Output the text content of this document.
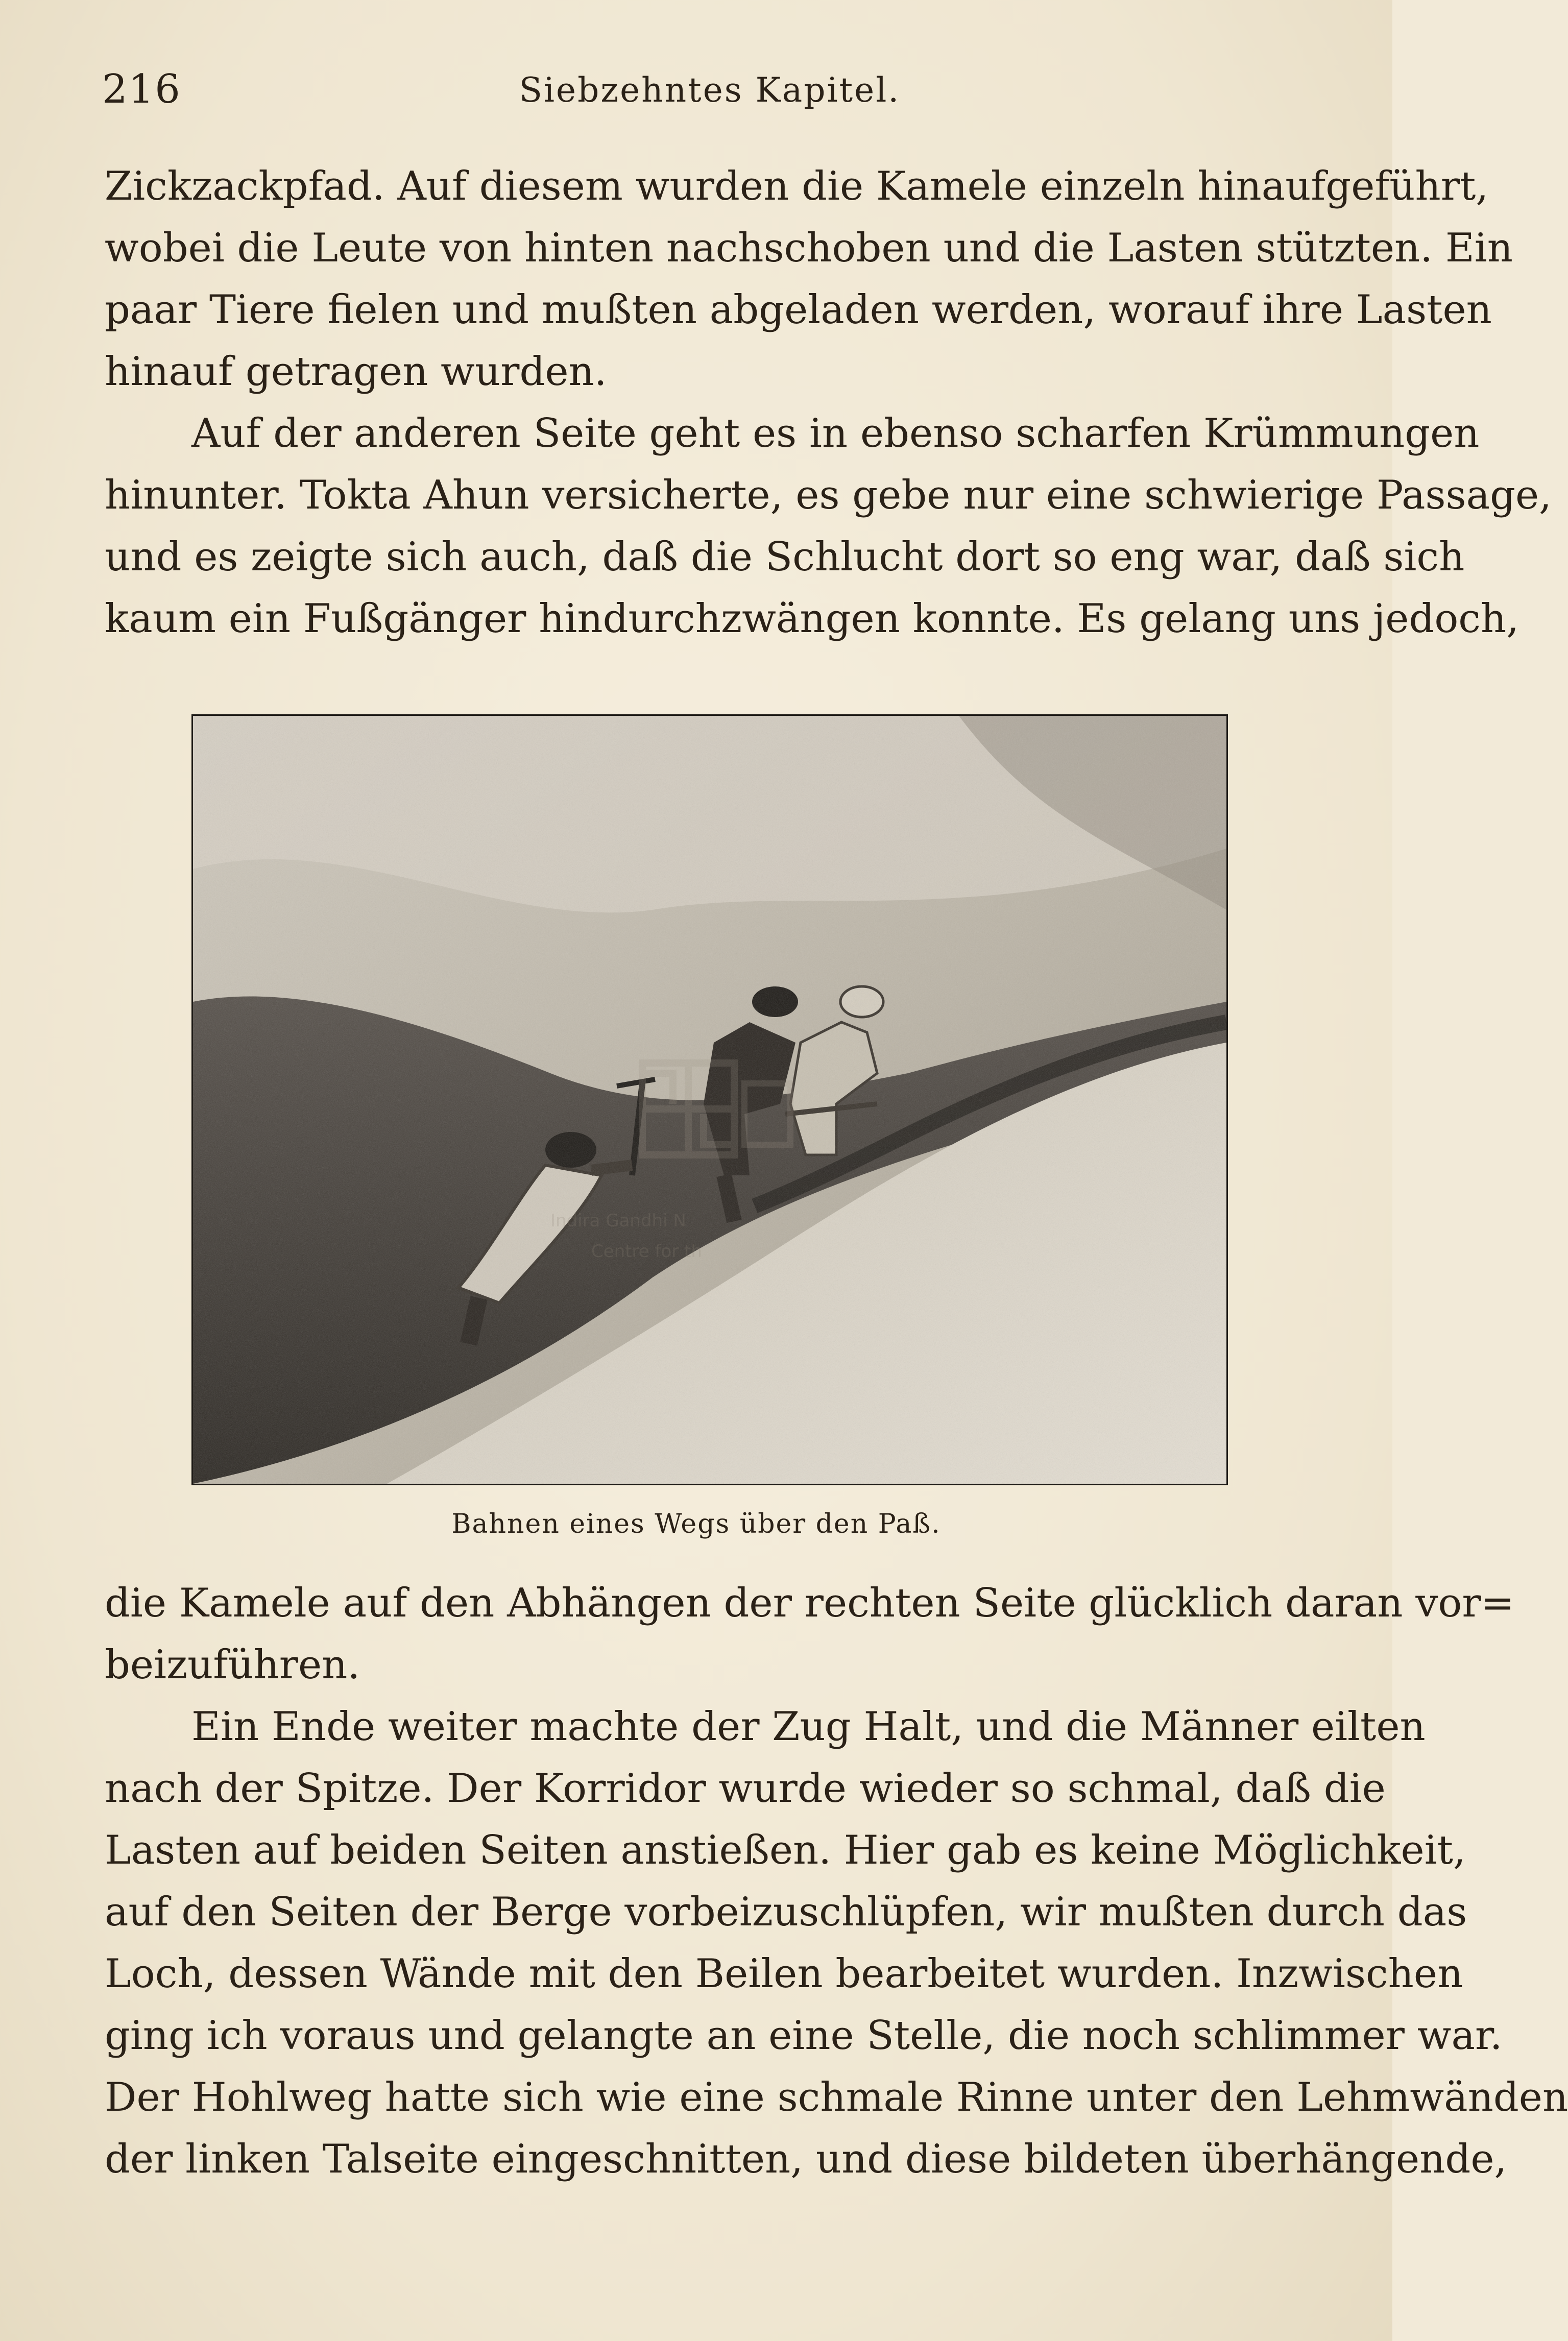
216	Siebzehntes Kapitel.
Zickzackpfad. Auf diesem wurden die Kamele einzeln hinaufgeführt,
wobei die Leute von hinten nachschoben und die Lasten stützten. Ein
paar Tiere fielen und mußten abgeladen werden, worauf ihre Lasten
hinauf getragen wurden.
Auf der anderen Seite geht es in ebenso scharfen Krümmungen
hinunter. Tokta Ahun versicherte, es gebe nur eine schwierige Passage,
und es zeigte sich auch, daß die Schlucht dort so eng war, daß sich
kaum ein Fußgänger hindurchzwängen konnte. Es gelang uns jedoch,
Bahnen eines Wegs über den Paß.
die Kamele auf den Abhängen der rechten Seite glücklich daran vor=
beizuführen.
Ein Ende weiter machte der Zug Halt, und die Männer eilten
nach der Spitze. Der Korridor wurde wieder so schmal, daß die
Lasten auf beiden Seiten anstießen. Hier gab es keine Möglichkeit,
auf den Seiten der Berge vorbeizuschlüpfen, wir mußten durch das
Loch, dessen Wände mit den Beilen bearbeitet wurden. Inzwischen
ging ich voraus und gelangte an eine Stelle, die noch schlimmer war.
Der Hohlweg hatte sich wie eine schmale Rinne unter den Lehmwänden
der linken Talseite eingeschnitten, und diese bildeten überhängende,
